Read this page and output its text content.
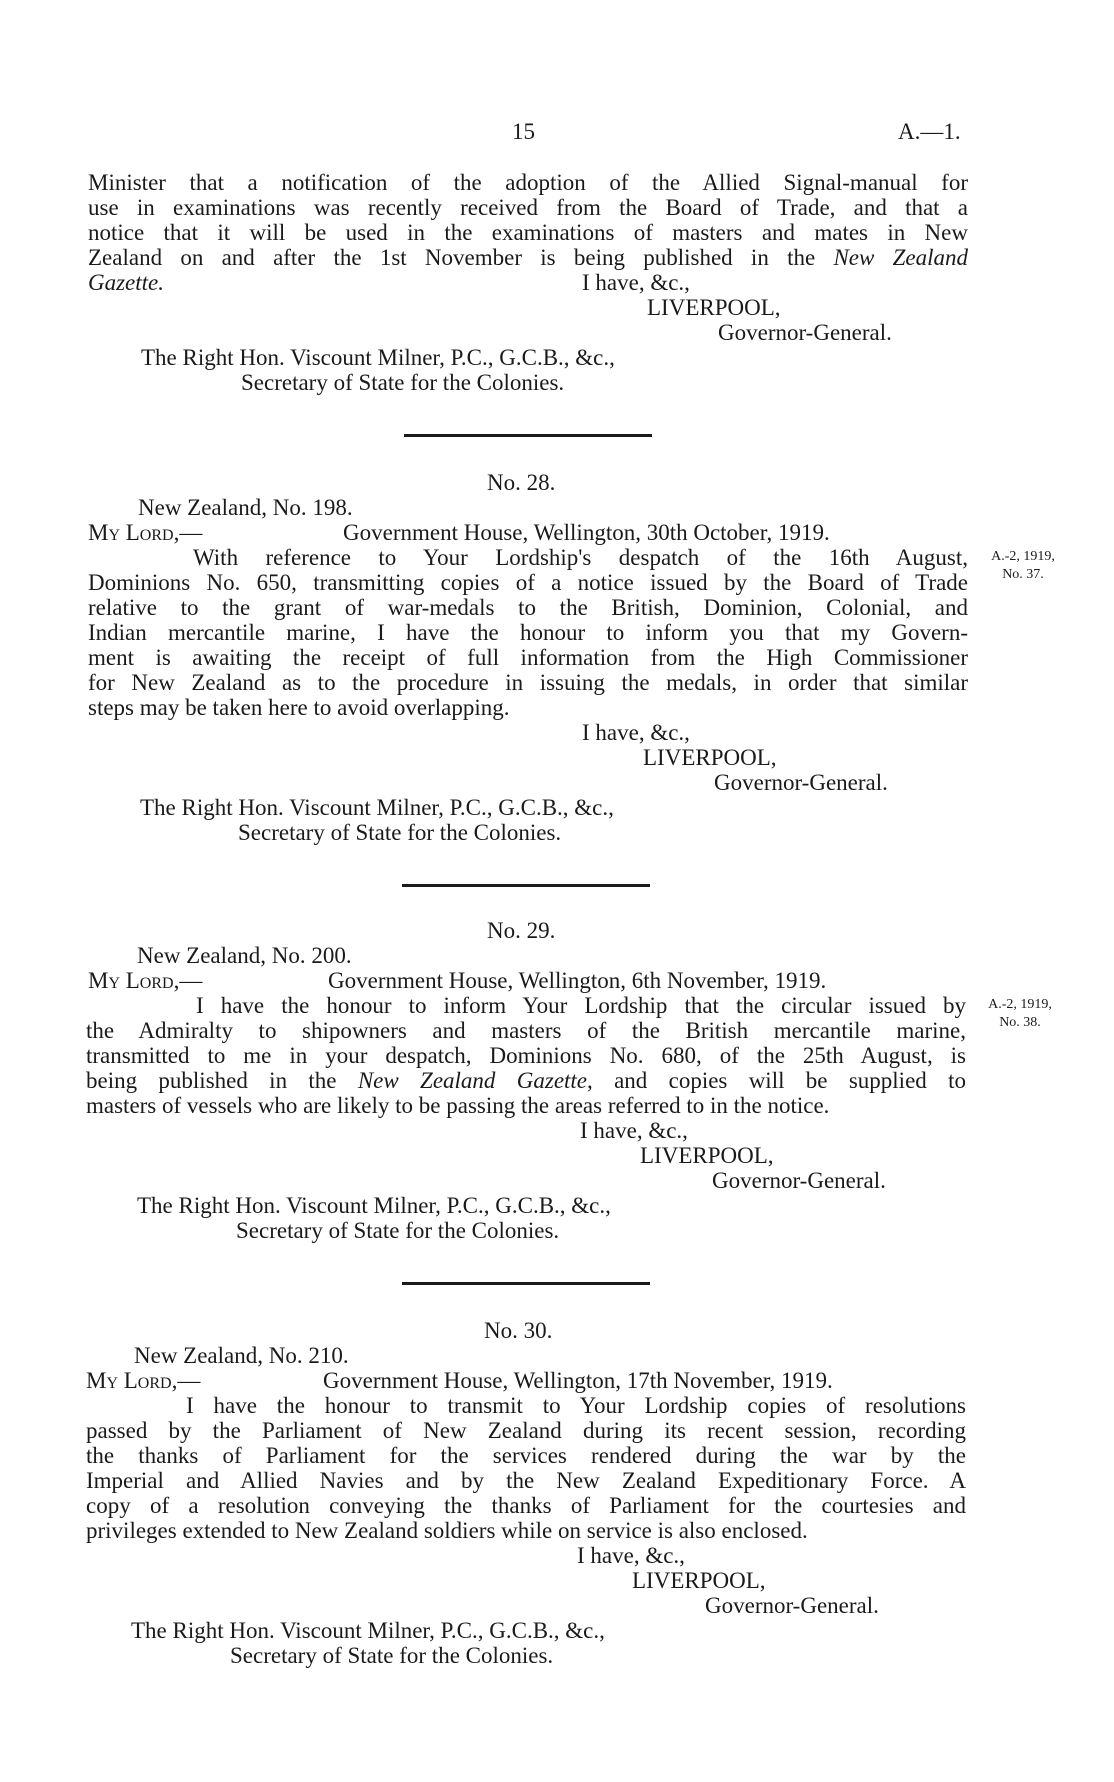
15	A.—1.
Minister that a notification of the adoption of the Allied Signal-manual for
use in examinations was recently received from the Board of Trade, and that a
notice that it will be used in the examinations of masters and mates in New
Zealand on and after the 1st November is being published in the New Zealand
Gazette.	I have, &c.,
LIVERPOOL,
Governor-General.
The Right Hon. Viscount Milner, P.C., G.C.B., &c.,
Secretary of State for the Colonies.
No. 28.
New Zealand, No. 198.
My Lord,—	Government House, Wellington, 30th October, 1919.
A.-2, 1919,
No. 37.
With reference to Your Lordship's despatch of the 16th August,
Dominions No. 650, transmitting copies of a notice issued by the Board of Trade
relative to the grant of war-medals to the British, Dominion, Colonial, and
Indian mercantile marine, I have the honour to inform you that my Govern-
ment is awaiting the receipt of full information from the High Commissioner
for New Zealand as to the procedure in issuing the medals, in order that similar
steps may be taken here to avoid overlapping.
I have, &c.,
LIVERPOOL,
Governor-General.
The Right Hon. Viscount Milner, P.C., G.C.B., &c.,
Secretary of State for the Colonies.
No. 29.
New Zealand, No. 200.
My Lord,—	Government House, Wellington, 6th November, 1919.
A.-2, 1919,
No. 38.
I have the honour to inform Your Lordship that the circular issued by
the Admiralty to shipowners and masters of the British mercantile marine,
transmitted to me in your despatch, Dominions No. 680, of the 25th August, is
being published in the New Zealand Gazette, and copies will be supplied to
masters of vessels who are likely to be passing the areas referred to in the notice.
I have, &c.,
LIVERPOOL,
Governor-General.
The Right Hon. Viscount Milner, P.C., G.C.B., &c.,
Secretary of State for the Colonies.
No. 30.
New Zealand, No. 210.
My Lord,—	Government House, Wellington, 17th November, 1919.
I have the honour to transmit to Your Lordship copies of resolutions
passed by the Parliament of New Zealand during its recent session, recording
the thanks of Parliament for the services rendered during the war by the
Imperial and Allied Navies and by the New Zealand Expeditionary Force. A
copy of a resolution conveying the thanks of Parliament for the courtesies and
privileges extended to New Zealand soldiers while on service is also enclosed.
I have, &c.,
LIVERPOOL,
Governor-General.
The Right Hon. Viscount Milner, P.C., G.C.B., &c.,
Secretary of State for the Colonies.
